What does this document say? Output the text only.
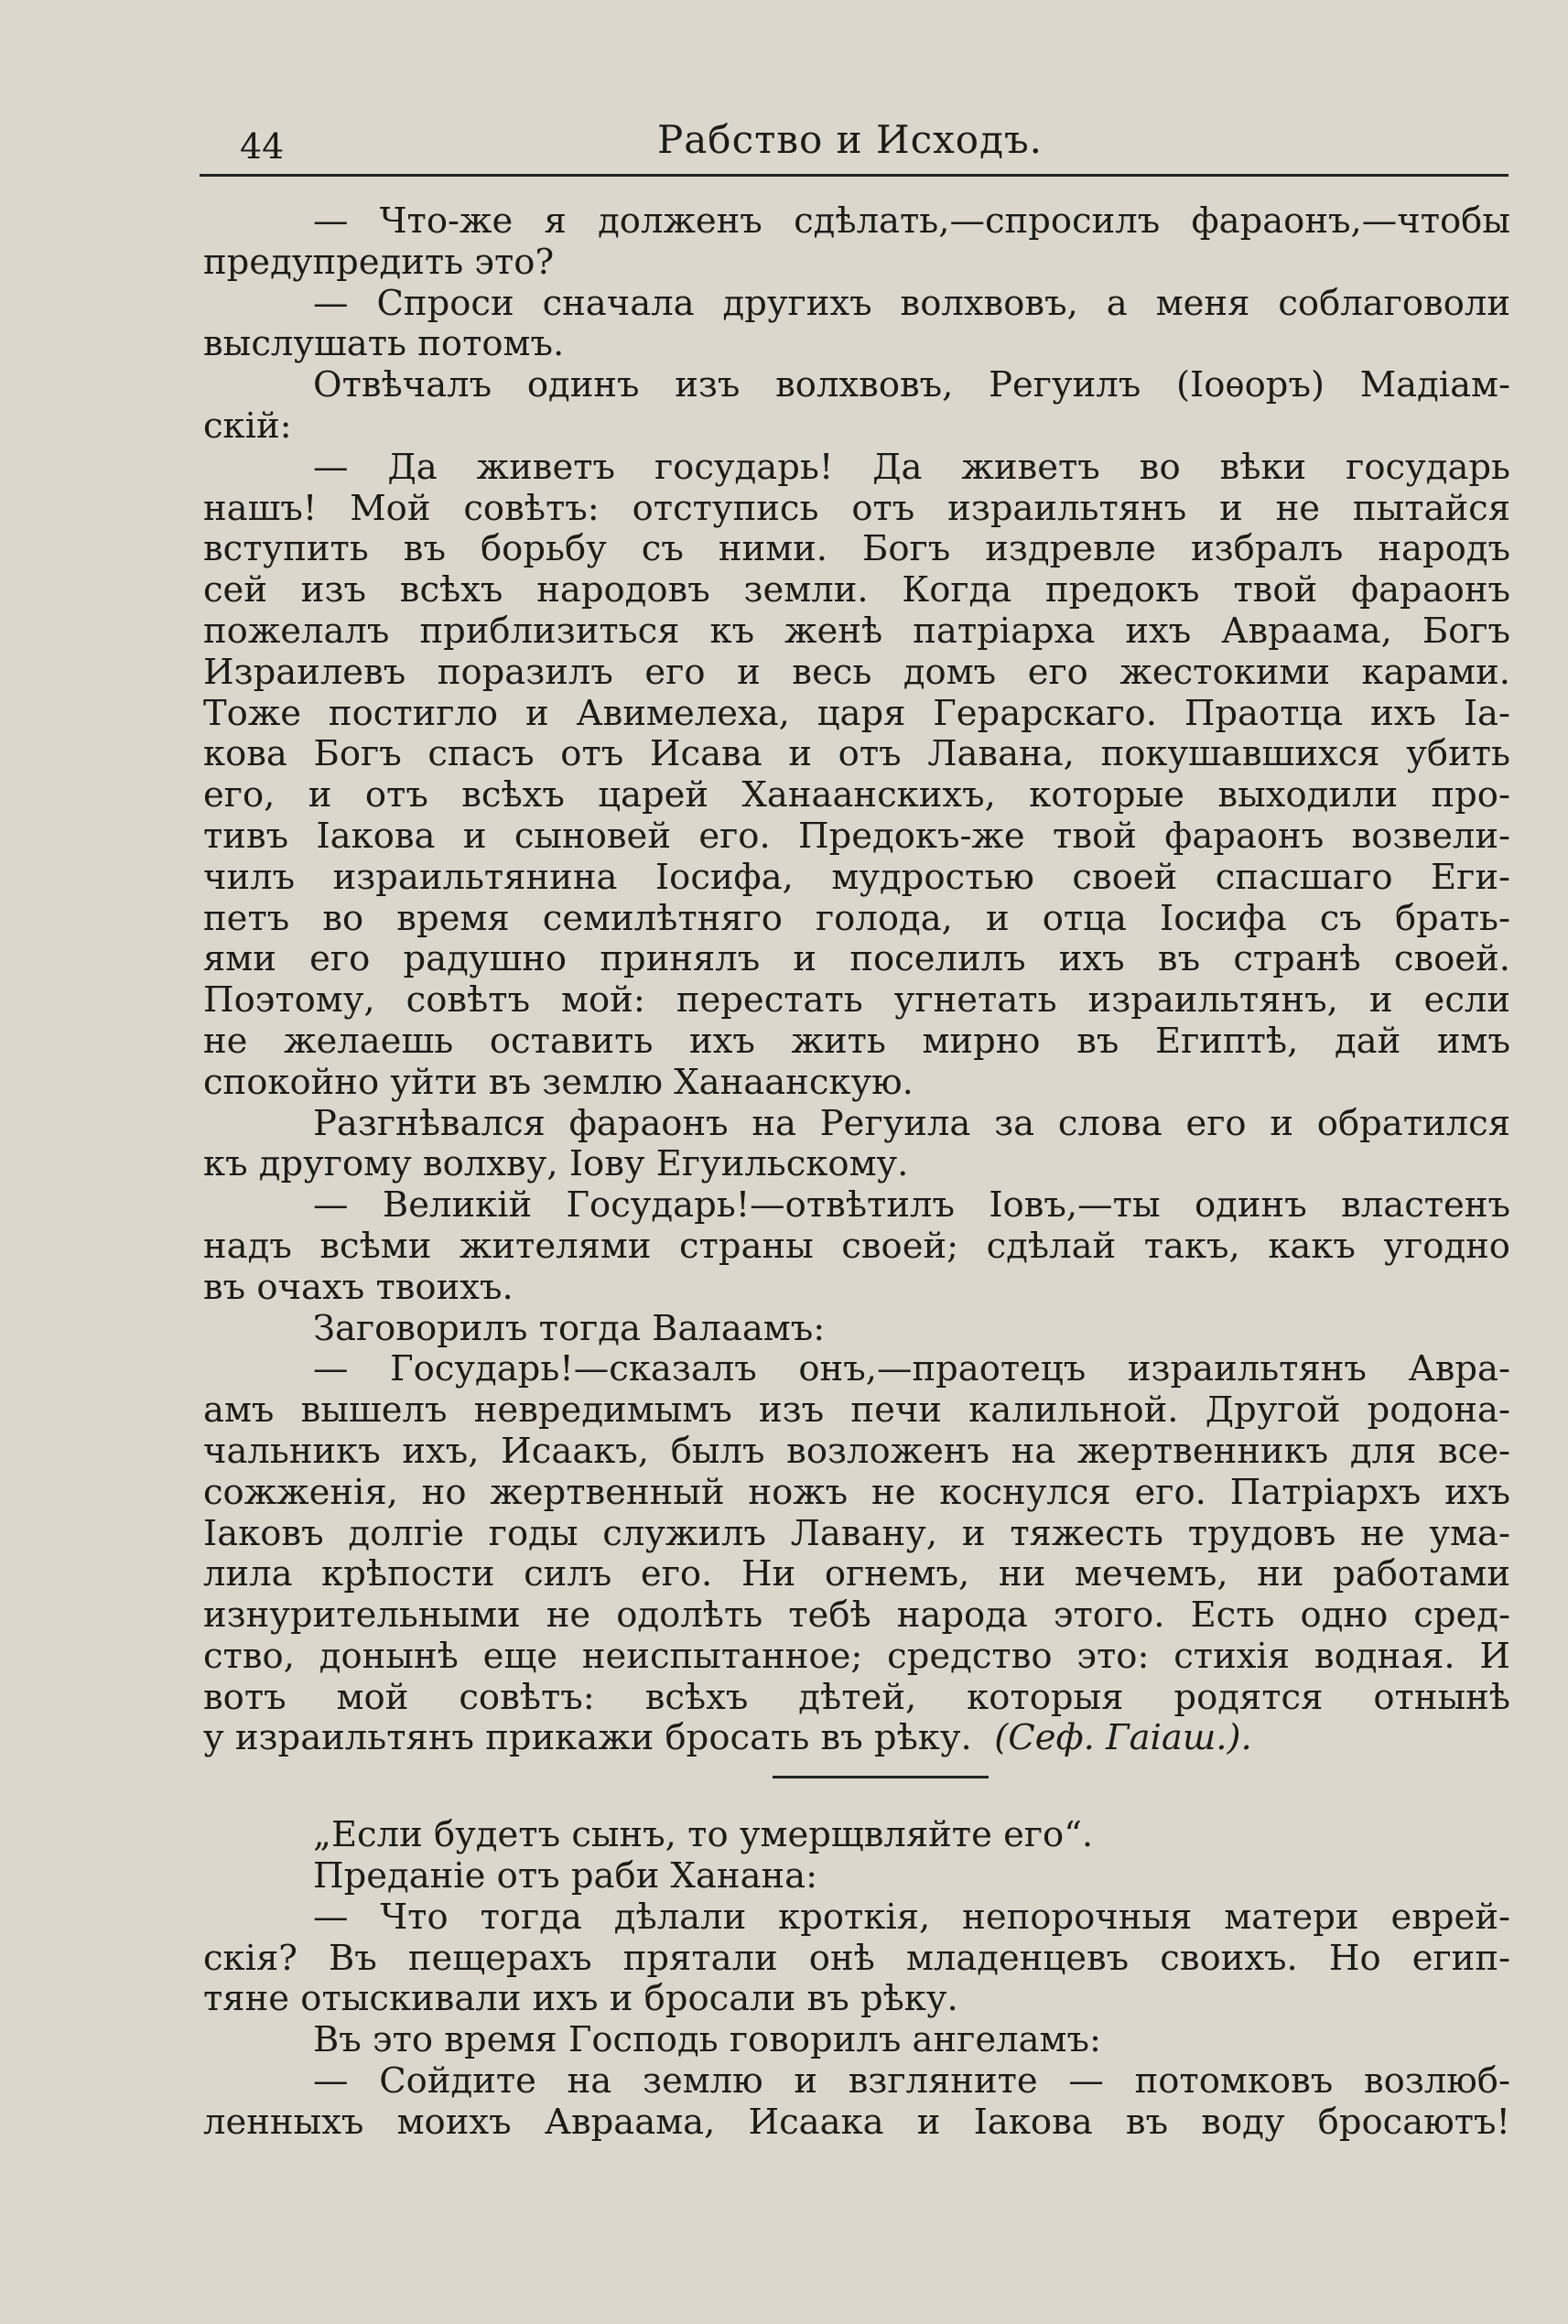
44	Рабство и Исходъ.
— Что-же я долженъ сдѣлать,—спросилъ фараонъ,—чтобы
предупредить это?
— Спроси сначала другихъ волхвовъ, а меня соблаговоли
выслушать потомъ.
Отвѣчалъ одинъ изъ волхвовъ, Регуилъ (Іоѳоръ) Мадіам-
скій:
— Да живетъ государь! Да живетъ во вѣки государь
нашъ! Мой совѣтъ: отступись отъ израильтянъ и не пытайся
вступить въ борьбу съ ними. Богъ издревле избралъ народъ
сей изъ всѣхъ народовъ земли. Когда предокъ твой фараонъ
пожелалъ приблизиться къ женѣ патріарха ихъ Авраама, Богъ
Израилевъ поразилъ его и весь домъ его жестокими карами.
Тоже постигло и Авимелеха, царя Герарскаго. Праотца ихъ Іа-
кова Богъ спасъ отъ Исава и отъ Лавана, покушавшихся убить
его, и отъ всѣхъ царей Ханаанскихъ, которые выходили про-
тивъ Іакова и сыновей его. Предокъ-же твой фараонъ возвели-
чилъ израильтянина Іосифа, мудростью своей спасшаго Еги-
петъ во время семилѣтняго голода, и отца Іосифа съ брать-
ями его радушно принялъ и поселилъ ихъ въ странѣ своей.
Поэтому, совѣтъ мой: перестать угнетать израильтянъ, и если
не желаешь оставить ихъ жить мирно въ Египтѣ, дай имъ
спокойно уйти въ землю Ханаанскую.
Разгнѣвался фараонъ на Регуила за слова его и обратился
къ другому волхву, Іову Егуильскому.
— Великій Государь!—отвѣтилъ Іовъ,—ты одинъ властенъ
надъ всѣми жителями страны своей; сдѣлай такъ, какъ угодно
въ очахъ твоихъ.
Заговорилъ тогда Валаамъ:
— Государь!—сказалъ онъ,—праотецъ израильтянъ Авра-
амъ вышелъ невредимымъ изъ печи калильной. Другой родона-
чальникъ ихъ, Исаакъ, былъ возложенъ на жертвенникъ для все-
сожженія, но жертвенный ножъ не коснулся его. Патріархъ ихъ
Іаковъ долгіе годы служилъ Лавану, и тяжесть трудовъ не ума-
лила крѣпости силъ его. Ни огнемъ, ни мечемъ, ни работами
изнурительными не одолѣть тебѣ народа этого. Есть одно сред-
ство, донынѣ еще неиспытанное; средство это: стихія водная. И
вотъ мой совѣтъ: всѣхъ дѣтей, которыя родятся отнынѣ
у израильтянъ прикажи бросать въ рѣку. (Сеф. Гаіаш.).
„Если будетъ сынъ, то умерщвляйте его“.
Преданіе отъ раби Ханана:
— Что тогда дѣлали кроткія, непорочныя матери еврей-
скія? Въ пещерахъ прятали онѣ младенцевъ своихъ. Но егип-
тяне отыскивали ихъ и бросали въ рѣку.
Въ это время Господь говорилъ ангеламъ:
— Сойдите на землю и взгляните — потомковъ возлюб-
ленныхъ моихъ Авраама, Исаака и Іакова въ воду бросаютъ!
